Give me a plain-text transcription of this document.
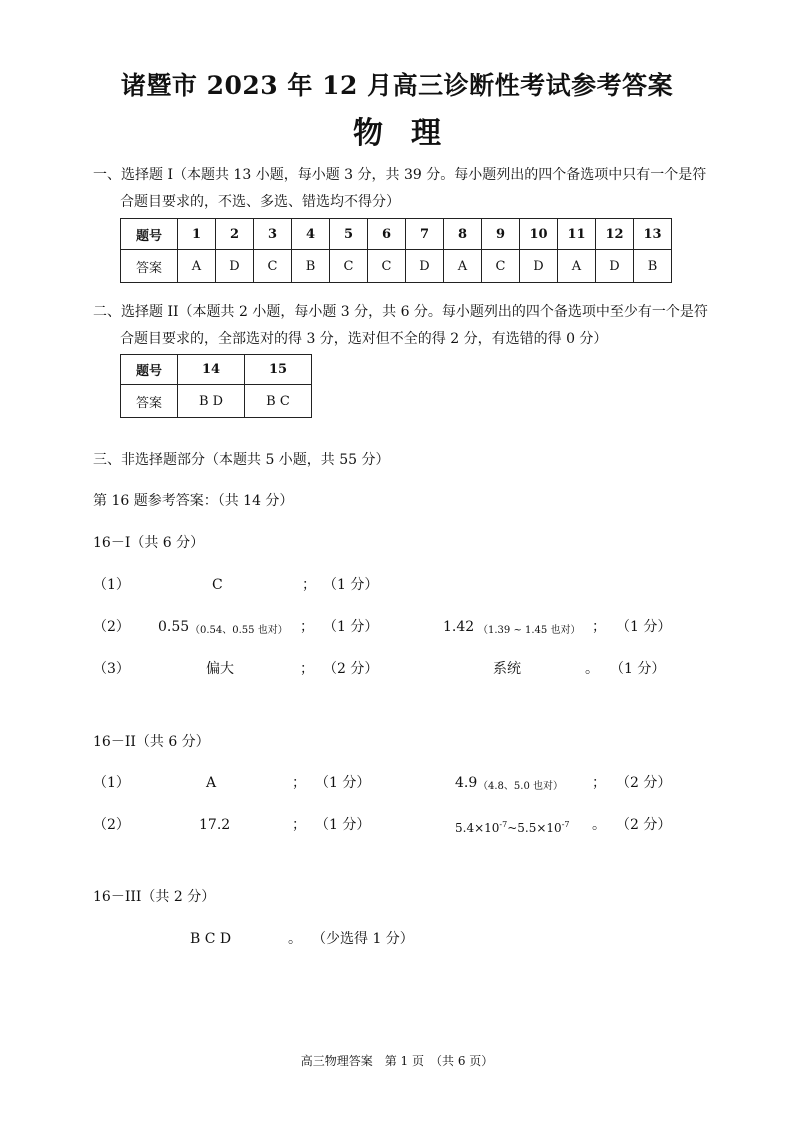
诸暨市 2023 年 12 月高三诊断性考试参考答案
物理
一、选择题 I（本题共 13 小题，每小题 3 分，共 39 分。每小题列出的四个备选项中只有一个是符
合题目要求的，不选、多选、错选均不得分）
题号	1	2	3	4	5	6	7	8	9	10	11	12	13
答案	A	D	C	B	C	C	D	A	C	D	A	D	B
二、选择题 II（本题共 2 小题，每小题 3 分，共 6 分。每小题列出的四个备选项中至少有一个是符
合题目要求的，全部选对的得 3 分，选对但不全的得 2 分，有选错的得 0 分）
题号	14	15
答案	B D	B C
三、非选择题部分（本题共 5 小题，共 55 分）
第 16 题参考答案：（共 14 分）
16－I（共 6 分）
（1）	C	； （1 分）
（2） 0.55 （0.54、0.55 也对） ； （1 分）	1.42 （1.39 ~ 1.45 也对） ； （1 分）
（3）	偏大	； （2 分）	系统	。 （1 分）
16－II（共 6 分）
（1）	A	； （1 分）	4.9 （4.8、5.0 也对） ； （2 分）
（2）	17.2	； （1 分）	$5.4\times 10^{-7}\sim 5.5\times 10^{-7}$ 。 （2 分）
16－III（共 2 分）
B C D	。 （少选得 1 分）
高三物理答案　第 1 页　（共 6 页）
